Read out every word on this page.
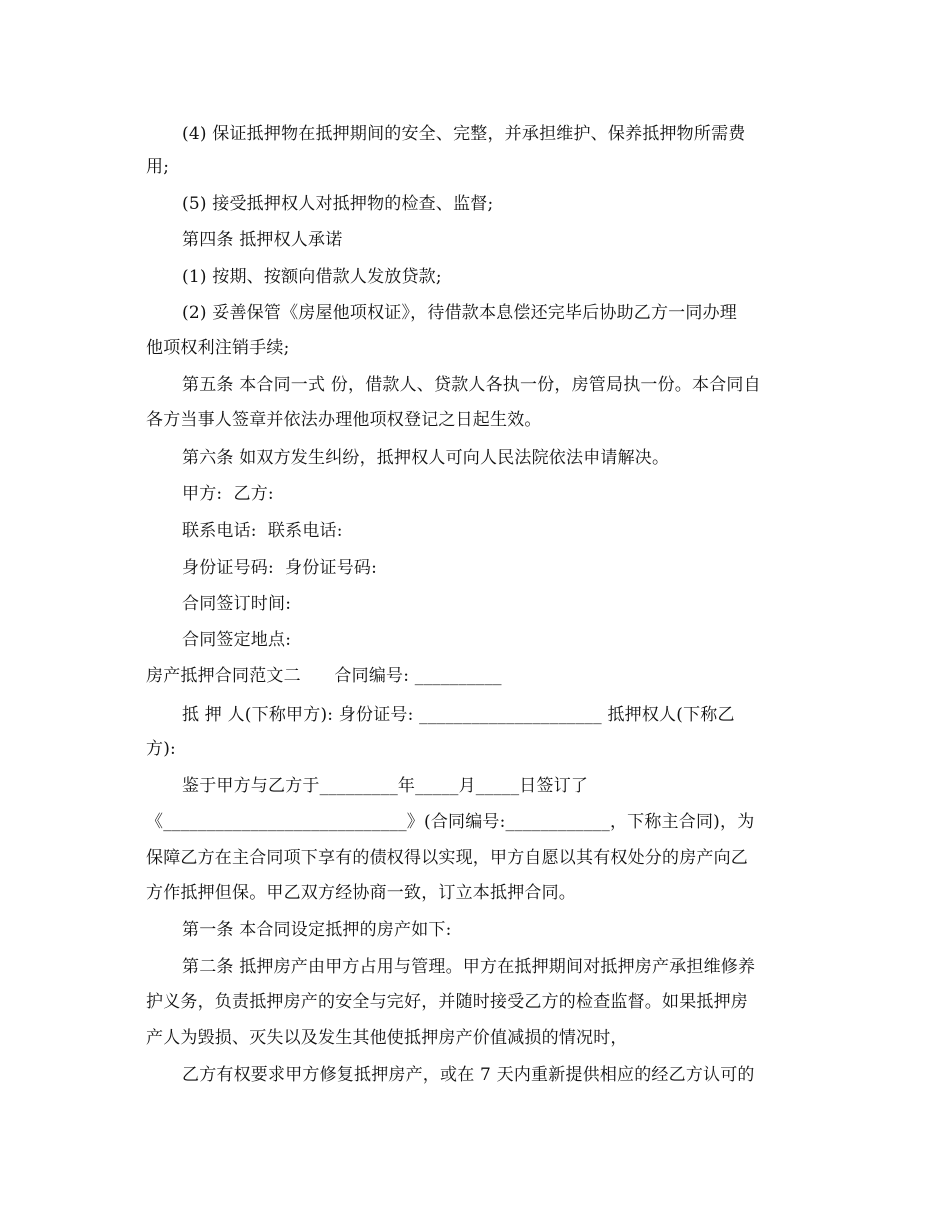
(4) 保证抵押物在抵押期间的安全、完整，并承担维护、保养抵押物所需费
用;
(5) 接受抵押权人对抵押物的检查、监督;
第四条 抵押权人承诺
(1) 按期、按额向借款人发放贷款;
(2) 妥善保管《房屋他项权证》，待借款本息偿还完毕后协助乙方一同办理
他项权利注销手续;
第五条 本合同一式 份，借款人、贷款人各执一份，房管局执一份。本合同自
各方当事人签章并依法办理他项权登记之日起生效。
第六条 如双方发生纠纷，抵押权人可向人民法院依法申请解决。
甲方:  乙方:
联系电话:  联系电话:
身份证号码:  身份证号码:
合同签订时间:
合同签定地点:
房产抵押合同范文二      合同编号: __________
抵 押 人(下称甲方): 身份证号: _____________________ 抵押权人(下称乙
方):
鉴于甲方与乙方于_________年_____月_____日签订了
《____________________________》(合同编号:____________，下称主合同)，为
保障乙方在主合同项下享有的债权得以实现，甲方自愿以其有权处分的房产向乙
方作抵押但保。甲乙双方经协商一致，订立本抵押合同。
第一条 本合同设定抵押的房产如下:
第二条 抵押房产由甲方占用与管理。甲方在抵押期间对抵押房产承担维修养
护义务，负责抵押房产的安全与完好，并随时接受乙方的检查监督。如果抵押房
产人为毁损、灭失以及发生其他使抵押房产价值减损的情况时，
乙方有权要求甲方修复抵押房产，或在 7 天内重新提供相应的经乙方认可的
